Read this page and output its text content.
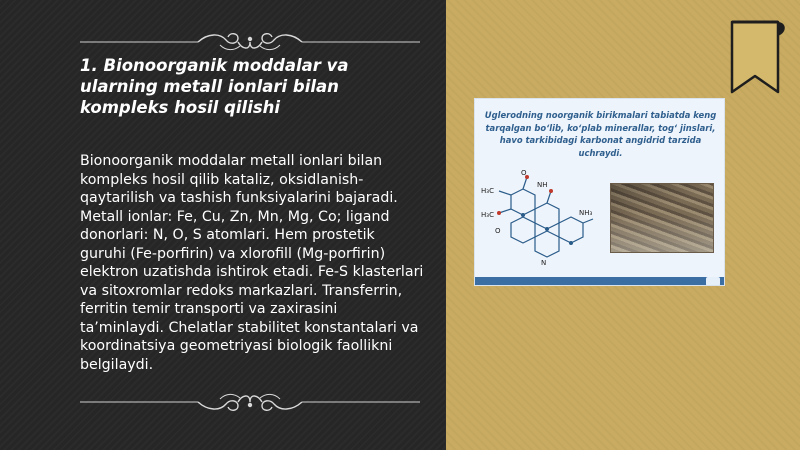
1. Bionoorganik moddalar va ularning metall ionlari bilan kompleks hosil qilishi

Bionoorganik moddalar metall ionlari bilan kompleks hosil qilib kataliz, oksidlanish-qaytarilish va tashish funksiyalarini bajaradi. Metall ionlar: Fe, Cu, Zn, Mn, Mg, Co; ligand donorlari: N, O, S atomlari. Hem prostetik guruhi (Fe-porfirin) va xlorofill (Mg-porfirin) elektron uzatishda ishtirok etadi. Fe-S klasterlari va sitoxromlar redoks markazlari. Transferrin, ferritin temir transporti va zaxirasini ta’minlaydi. Chelatlar stabilitet konstantalari va koordinatsiya geometriyasi biologik faollikni belgilaydi.

Uglerodning noorganik birikmalari tabiatda keng tarqalgan bo‘lib, ko‘plab minerallar, tog‘ jinslari, havo tarkibidagi karbonat angidrid tarzida uchraydi.

H₃C
H₃C
NH
N
O
O
NH₃
